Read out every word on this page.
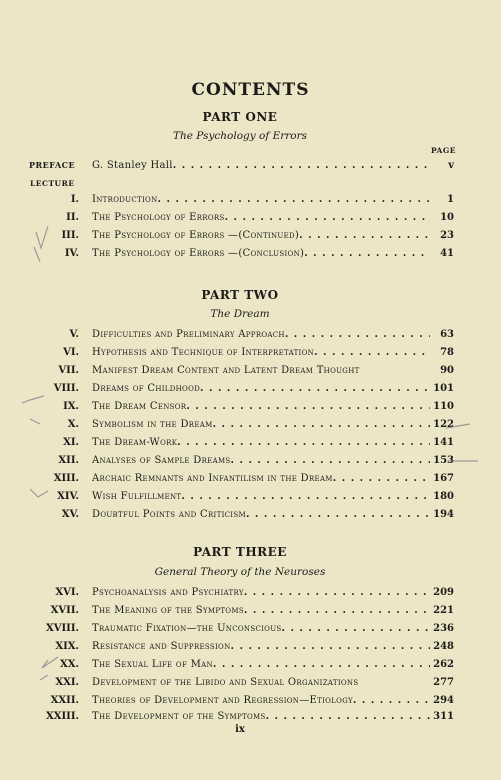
CONTENTS
PART ONE
The Psychology of Errors
PAGE
PREFACE G. Stanley Hall . . .	v
LECTURE
I. Introduction . . .	1
II. The Psychology of Errors . . .	10
III. The Psychology of Errors —(Continued) . . .	23
IV. The Psychology of Errors —(Conclusion) . . .	41
PART TWO
The Dream
V. Difficulties and Preliminary Approach . . .	63
VI. Hypothesis and Technique of Interpretation . . .	78
VII. Manifest Dream Content and Latent Dream Thought	90
VIII. Dreams of Childhood . . .	101
IX. The Dream Censor . . .	110
X. Symbolism in the Dream . . .	122
XI. The Dream-Work . . .	141
XII. Analyses of Sample Dreams . . .	153
XIII. Archaic Remnants and Infantilism in the Dream . . .	167
XIV. Wish Fulfillment . . .	180
XV. Doubtful Points and Criticism . . .	194
PART THREE
General Theory of the Neuroses
XVI. Psychoanalysis and Psychiatry . . .	209
XVII. The Meaning of the Symptoms . . .	221
XVIII. Traumatic Fixation—the Unconscious . . .	236
XIX. Resistance and Suppression . . .	248
XX. The Sexual Life of Man . . .	262
XXI. Development of the Libido and Sexual Organizations	277
XXII. Theories of Development and Regression—Etiology . . .	294
XXIII. The Development of the Symptoms . . .	311
ix
